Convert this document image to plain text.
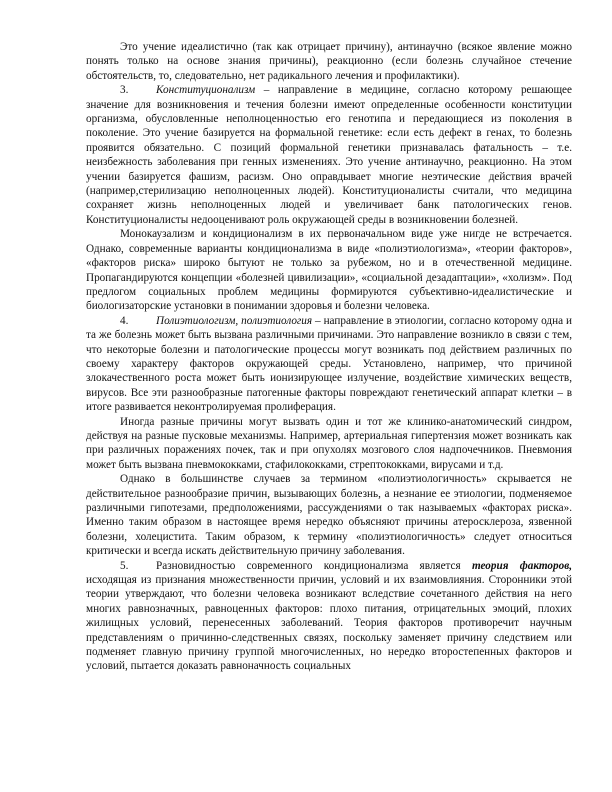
Это учение идеалистично (так как отрицает причину), антинаучно (всякое явление можно понять только на основе знания причины), реакционно (если болезнь случайное стечение обстоятельств, то, следовательно, нет радикального лечения и профилактики).

3. Конституционализм – направление в медицине, согласно которому решающее значение для возникновения и течения болезни имеют определенные особенности конституции организма, обусловленные неполноценностью его генотипа и передающиеся из поколения в поколение. Это учение базируется на формальной генетике: если есть дефект в генах, то болезнь проявится обязательно. С позиций формальной генетики признавалась фатальность – т.е. неизбежность заболевания при генных изменениях. Это учение антинаучно, реакционно. На этом учении базируется фашизм, расизм. Оно оправдывает многие неэтические действия врачей (например,стерилизацию неполноценных людей). Конституционалисты считали, что медицина сохраняет жизнь неполноценных людей и увеличивает банк патологических генов. Конституционалисты недооценивают роль окружающей среды в возникновении болезней.

Монокаузализм и кондиционализм в их первоначальном виде уже нигде не встречается. Однако, современные варианты кондиционализма в виде «полиэтиологизма», «теории факторов», «факторов риска» широко бытуют не только за рубежом, но и в отечественной медицине. Пропагандируются концепции «болезней цивилизации», «социальной дезадаптации», «холизм». Под предлогом социальных проблем медицины формируются субъективно-идеалистические и биологизаторские установки в понимании здоровья и болезни человека.

4. Полиэтиологизм, полиэтиология – направление в этиологии, согласно которому одна и та же болезнь может быть вызвана различными причинами. Это направление возникло в связи с тем, что некоторые болезни и патологические процессы могут возникать под действием различных по своему характеру факторов окружающей среды. Установлено, например, что причиной злокачественного роста может быть ионизирующее излучение, воздействие химических веществ, вирусов. Все эти разнообразные патогенные факторы повреждают генетический аппарат клетки – в итоге развивается неконтролируемая пролиферация.

Иногда разные причины могут вызвать один и тот же клинико-анатомический синдром, действуя на разные пусковые механизмы. Например, артериальная гипертензия может возникать как при различных поражениях почек, так и при опухолях мозгового слоя надпочечников. Пневмония может быть вызвана пневмококками, стафилококками, стрептококками, вирусами и т.д.

Однако в большинстве случаев за термином «полиэтиологичность» скрывается не действительное разнообразие причин, вызывающих болезнь, а незнание ее этиологии, подменяемое различными гипотезами, предположениями, рассуждениями о так называемых «факторах риска». Именно таким образом в настоящее время нередко объясняют причины атеросклероза, язвенной болезни, холецистита. Таким образом, к термину «полиэтиологичность» следует относиться критически и всегда искать действительную причину заболевания.

5. Разновидностью современного кондиционализма является теория факторов, исходящая из признания множественности причин, условий и их взаимовлияния. Сторонники этой теории утверждают, что болезни человека возникают вследствие сочетанного действия на него многих равнозначных, равноценных факторов: плохо питания, отрицательных эмоций, плохих жилищных условий, перенесенных заболеваний. Теория факторов противоречит научным представлениям о причинно-следственных связях, поскольку заменяет причину следствием или подменяет главную причину группой многочисленных, но нередко второстепенных факторов и условий, пытается доказать равноначность социальных
